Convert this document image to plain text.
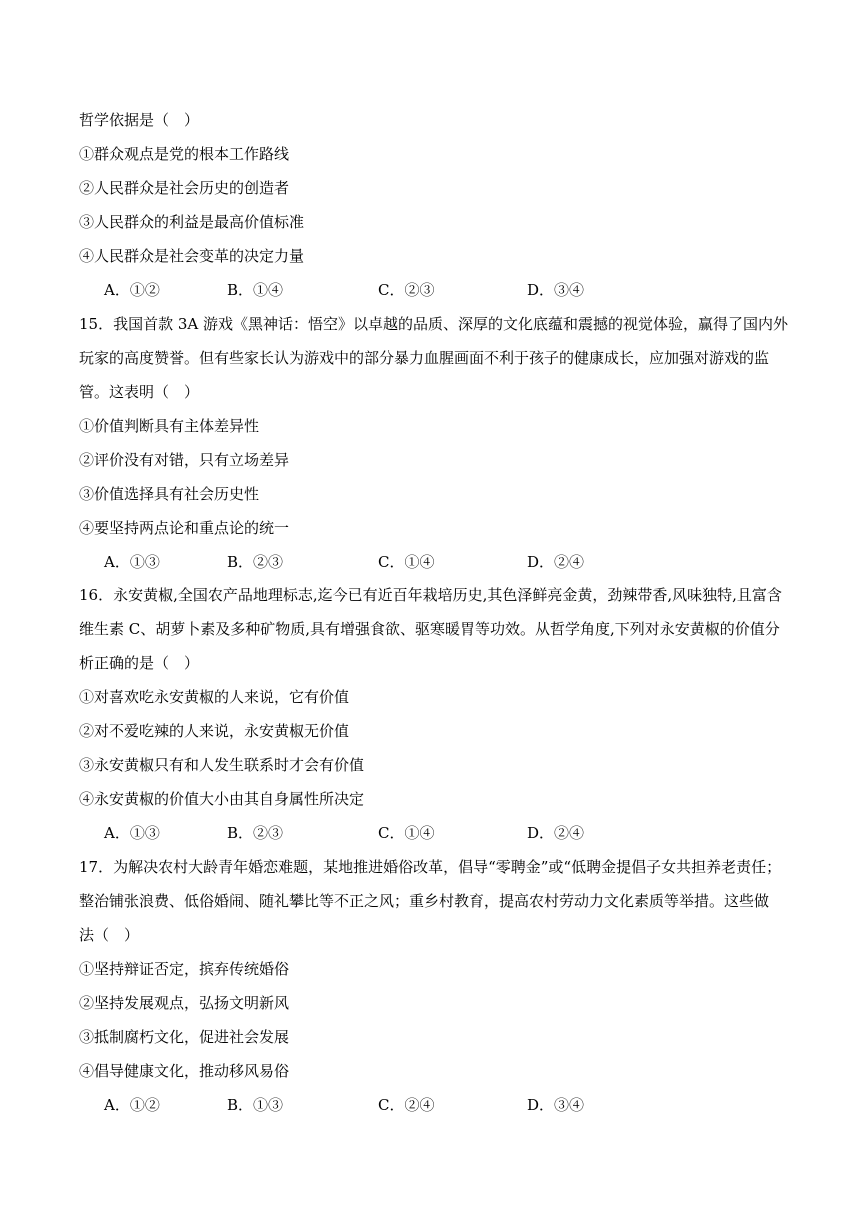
哲学依据是（　）
①群众观点是党的根本工作路线
②人民群众是社会历史的创造者
③人民群众的利益是最高价值标准
④人民群众是社会变革的决定力量
A．①②	B．①④	C．②③	D．③④
15．我国首款 3A 游戏《黑神话：悟空》以卓越的品质、深厚的文化底蕴和震撼的视觉体验，赢得了国内外
玩家的高度赞誉。但有些家长认为游戏中的部分暴力血腥画面不利于孩子的健康成长，应加强对游戏的监
管。这表明（　）
①价值判断具有主体差异性
②评价没有对错，只有立场差异
③价值选择具有社会历史性
④要坚持两点论和重点论的统一
A．①③	B．②③	C．①④	D．②④
16．永安黄椒,全国农产品地理标志,迄今已有近百年栽培历史,其色泽鲜亮金黄，劲辣带香,风味独特,且富含
维生素 C、胡萝卜素及多种矿物质,具有增强食欲、驱寒暖胃等功效。从哲学角度,下列对永安黄椒的价值分
析正确的是（　）
①对喜欢吃永安黄椒的人来说，它有价值
②对不爱吃辣的人来说，永安黄椒无价值
③永安黄椒只有和人发生联系时才会有价值
④永安黄椒的价值大小由其自身属性所决定
A．①③	B．②③	C．①④	D．②④
17．为解决农村大龄青年婚恋难题，某地推进婚俗改革，倡导“零聘金”或“低聘金提倡子女共担养老责任；
整治铺张浪费、低俗婚闹、随礼攀比等不正之风；重乡村教育，提高农村劳动力文化素质等举措。这些做
法（　）
①坚持辩证否定，摈弃传统婚俗
②坚持发展观点，弘扬文明新风
③抵制腐朽文化，促进社会发展
④倡导健康文化，推动移风易俗
A．①②	B．①③	C．②④	D．③④
